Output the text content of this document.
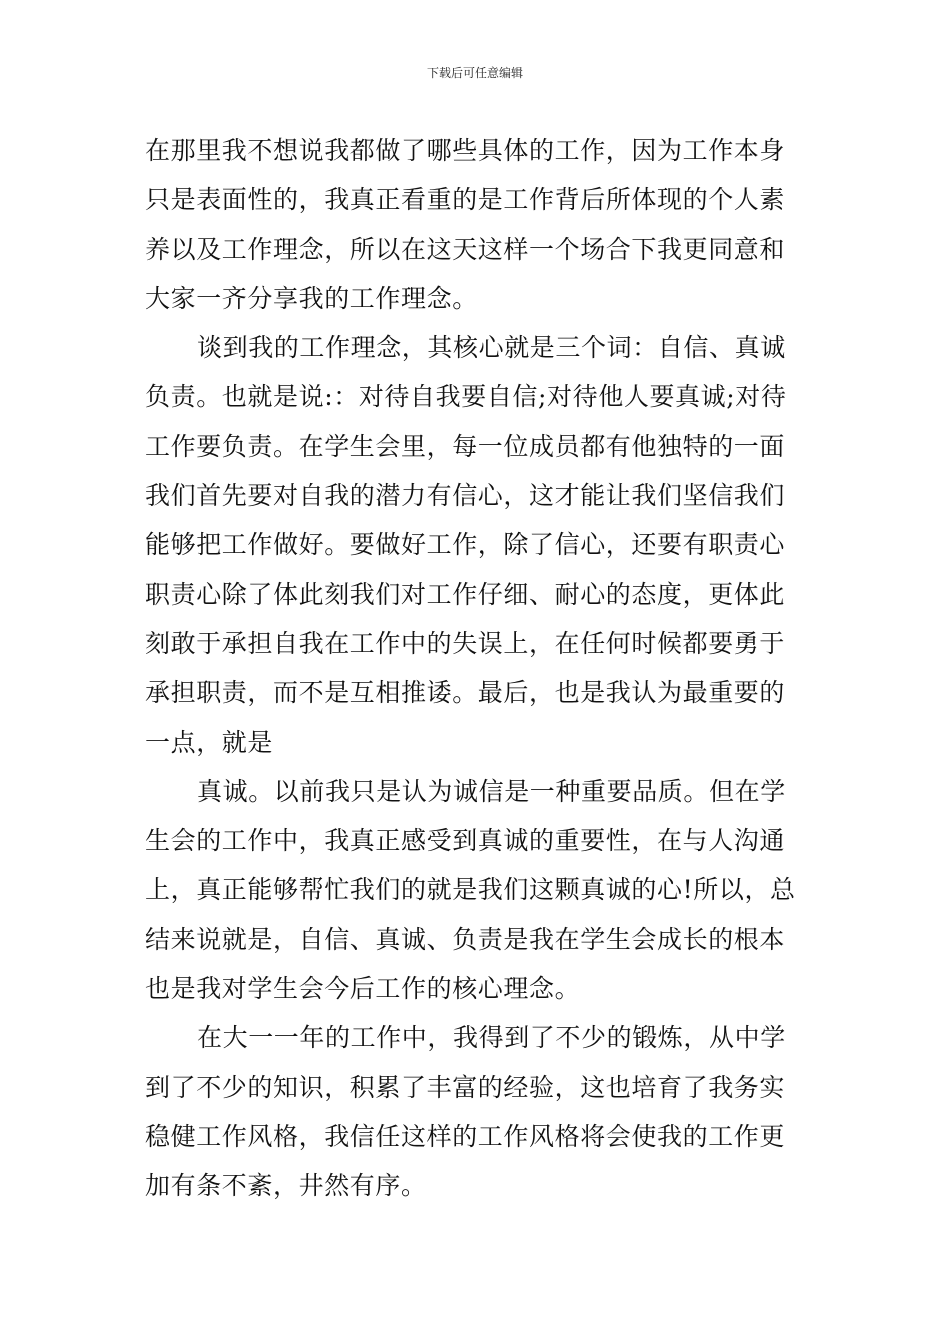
下载后可任意编辑
在那里我不想说我都做了哪些具体的工作，因为工作本身
只是表面性的，我真正看重的是工作背后所体现的个人素
养以及工作理念，所以在这天这样一个场合下我更同意和
大家一齐分享我的工作理念。
谈到我的工作理念，其核心就是三个词：自信、真诚
负责。也就是说:：对待自我要自信;对待他人要真诚;对待
工作要负责。在学生会里，每一位成员都有他独特的一面
我们首先要对自我的潜力有信心，这才能让我们坚信我们
能够把工作做好。要做好工作，除了信心，还要有职责心
职责心除了体此刻我们对工作仔细、耐心的态度，更体此
刻敢于承担自我在工作中的失误上，在任何时候都要勇于
承担职责，而不是互相推诿。最后，也是我认为最重要的
一点，就是
真诚。以前我只是认为诚信是一种重要品质。但在学
生会的工作中，我真正感受到真诚的重要性，在与人沟通
上，真正能够帮忙我们的就是我们这颗真诚的心!所以，总
结来说就是，自信、真诚、负责是我在学生会成长的根本
也是我对学生会今后工作的核心理念。
在大一一年的工作中，我得到了不少的锻炼，从中学
到了不少的知识，积累了丰富的经验，这也培育了我务实
稳健工作风格，我信任这样的工作风格将会使我的工作更
加有条不紊，井然有序。
